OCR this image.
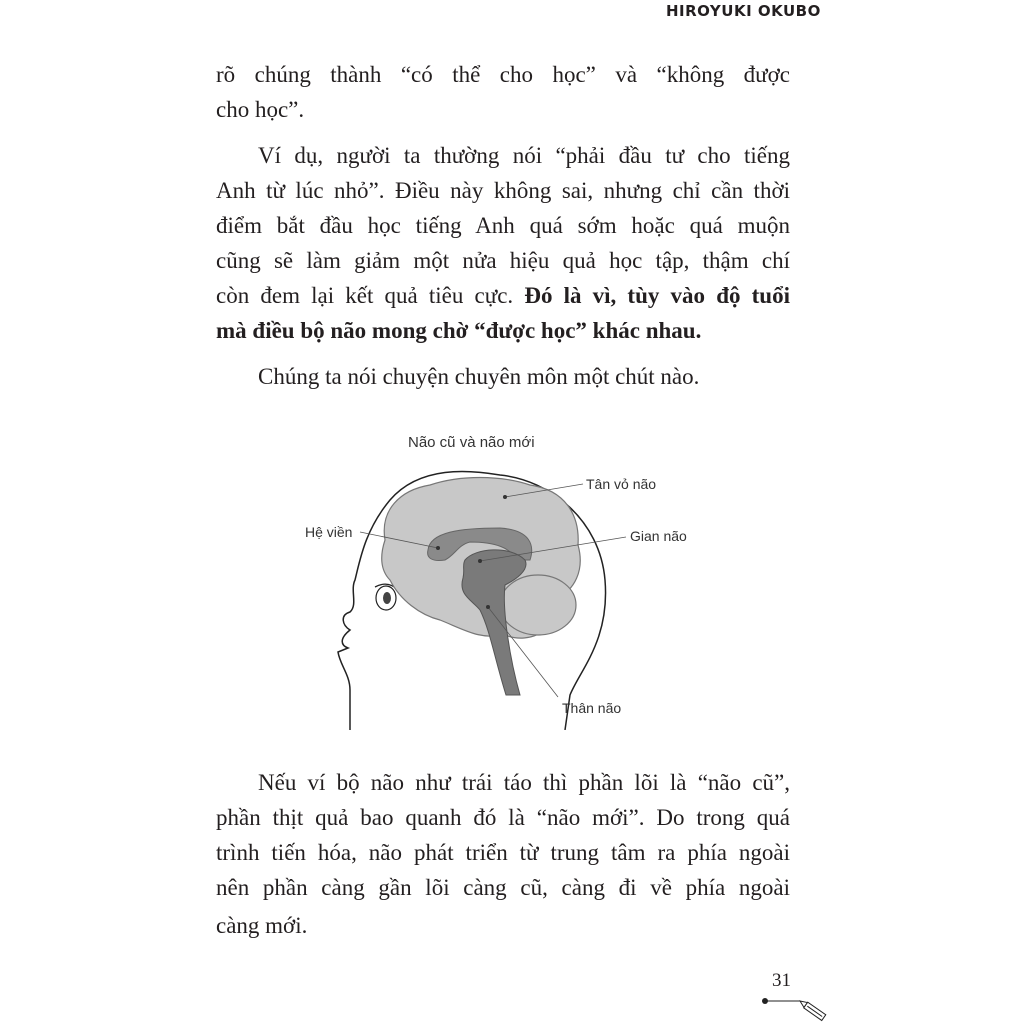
HIROYUKI OKUBO
rõ chúng thành “có thể cho học” và “không được
cho học”.
Ví dụ, người ta thường nói “phải đầu tư cho tiếng
Anh từ lúc nhỏ”. Điều này không sai, nhưng chỉ cần thời
điểm bắt đầu học tiếng Anh quá sớm hoặc quá muộn
cũng sẽ làm giảm một nửa hiệu quả học tập, thậm chí
còn đem lại kết quả tiêu cực. Đó là vì, tùy vào độ tuổi
mà điều bộ não mong chờ “được học” khác nhau.
Chúng ta nói chuyện chuyên môn một chút nào.
Não cũ và não mới
Tân vỏ não
Hệ viền	Gian não
Thân não
Nếu ví bộ não như trái táo thì phần lõi là “não cũ”,
phần thịt quả bao quanh đó là “não mới”. Do trong quá
trình tiến hóa, não phát triển từ trung tâm ra phía ngoài
nên phần càng gần lõi càng cũ, càng đi về phía ngoài
càng mới.
31
